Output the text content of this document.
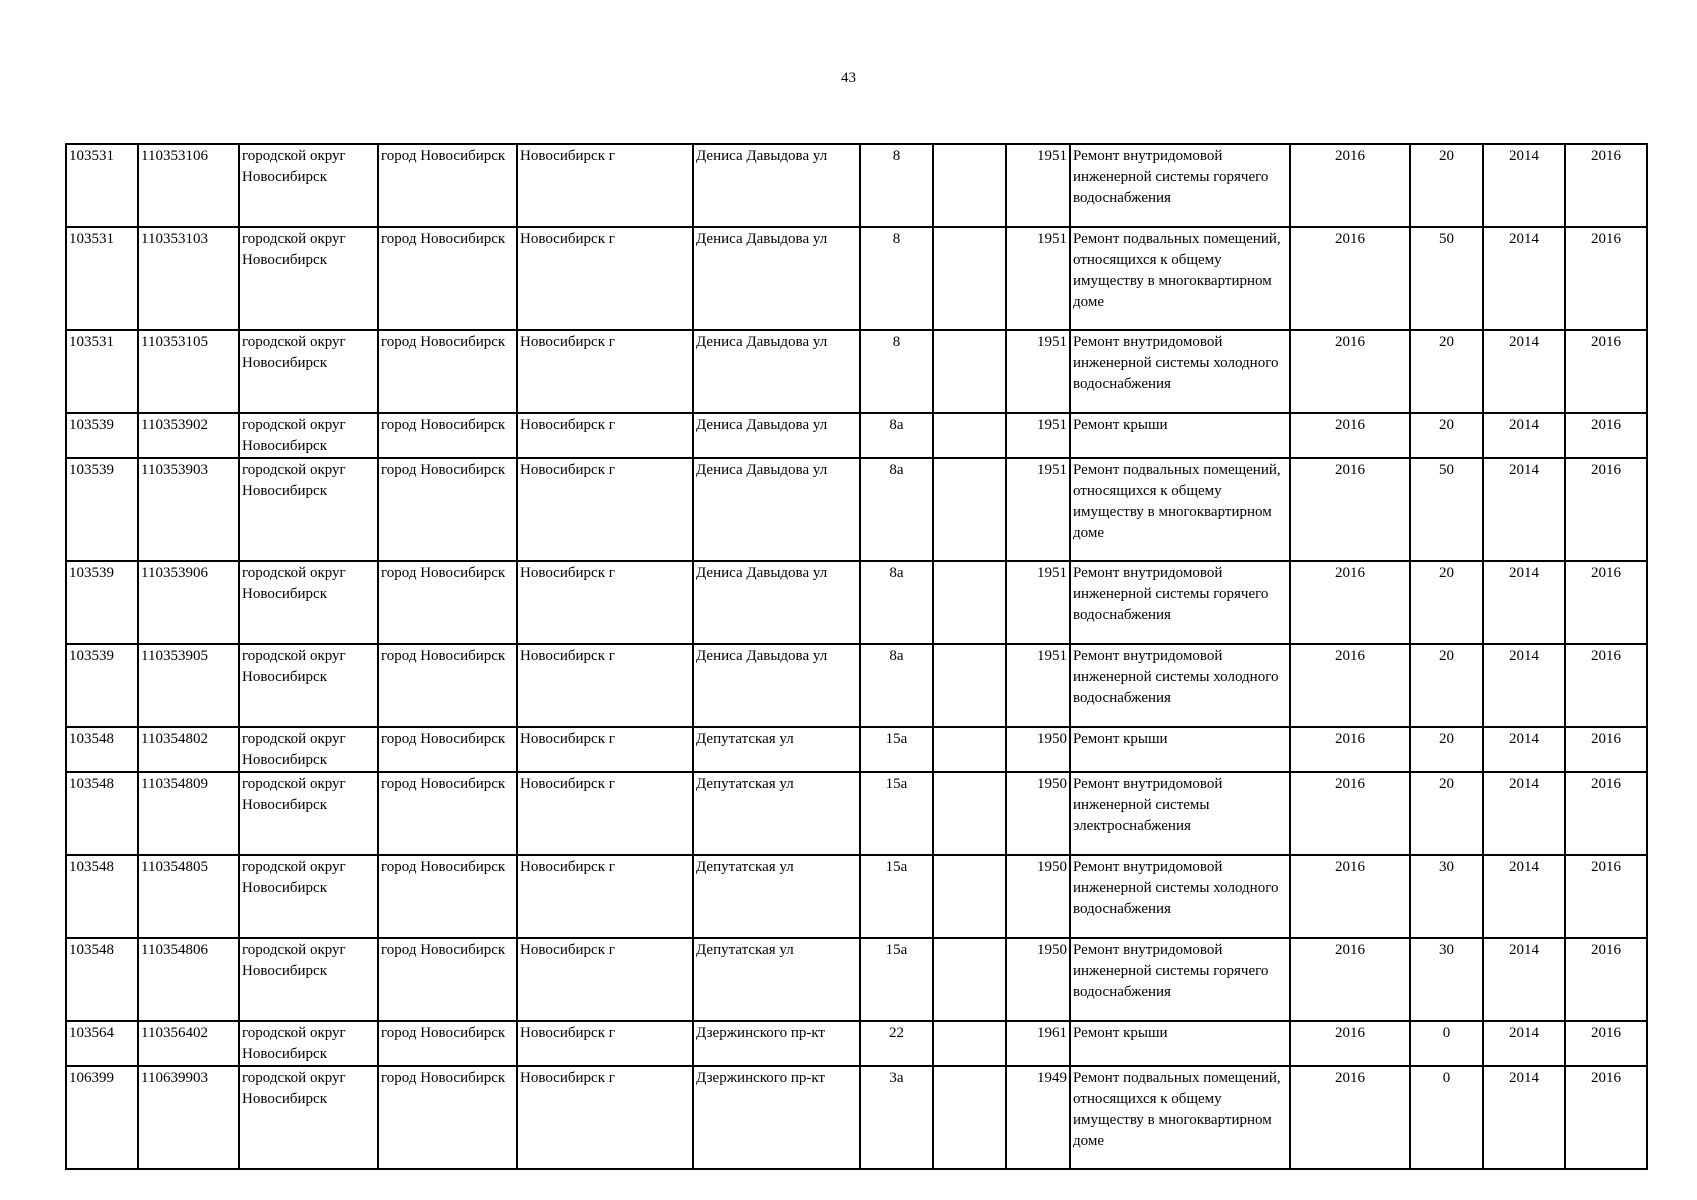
43
103531	110353106	городской округ Новосибирск	город Новосибирск	Новосибирск г	Дениса Давыдова ул	8		1951	Ремонт внутридомовой инженерной системы горячего водоснабжения	2016	20	2014	2016
103531	110353103	городской округ Новосибирск	город Новосибирск	Новосибирск г	Дениса Давыдова ул	8		1951	Ремонт подвальных помещений, относящихся к общему имуществу в многоквартирном доме	2016	50	2014	2016
103531	110353105	городской округ Новосибирск	город Новосибирск	Новосибирск г	Дениса Давыдова ул	8		1951	Ремонт внутридомовой инженерной системы холодного водоснабжения	2016	20	2014	2016
103539	110353902	городской округ Новосибирск	город Новосибирск	Новосибирск г	Дениса Давыдова ул	8а		1951	Ремонт крыши	2016	20	2014	2016
103539	110353903	городской округ Новосибирск	город Новосибирск	Новосибирск г	Дениса Давыдова ул	8а		1951	Ремонт подвальных помещений, относящихся к общему имуществу в многоквартирном доме	2016	50	2014	2016
103539	110353906	городской округ Новосибирск	город Новосибирск	Новосибирск г	Дениса Давыдова ул	8а		1951	Ремонт внутридомовой инженерной системы горячего водоснабжения	2016	20	2014	2016
103539	110353905	городской округ Новосибирск	город Новосибирск	Новосибирск г	Дениса Давыдова ул	8а		1951	Ремонт внутридомовой инженерной системы холодного водоснабжения	2016	20	2014	2016
103548	110354802	городской округ Новосибирск	город Новосибирск	Новосибирск г	Депутатская ул	15а		1950	Ремонт крыши	2016	20	2014	2016
103548	110354809	городской округ Новосибирск	город Новосибирск	Новосибирск г	Депутатская ул	15а		1950	Ремонт внутридомовой инженерной системы электроснабжения	2016	20	2014	2016
103548	110354805	городской округ Новосибирск	город Новосибирск	Новосибирск г	Депутатская ул	15а		1950	Ремонт внутридомовой инженерной системы холодного водоснабжения	2016	30	2014	2016
103548	110354806	городской округ Новосибирск	город Новосибирск	Новосибирск г	Депутатская ул	15а		1950	Ремонт внутридомовой инженерной системы горячего водоснабжения	2016	30	2014	2016
103564	110356402	городской округ Новосибирск	город Новосибирск	Новосибирск г	Дзержинского пр-кт	22		1961	Ремонт крыши	2016	0	2014	2016
106399	110639903	городской округ Новосибирск	город Новосибирск	Новосибирск г	Дзержинского пр-кт	3а		1949	Ремонт подвальных помещений, относящихся к общему имуществу в многоквартирном доме	2016	0	2014	2016
